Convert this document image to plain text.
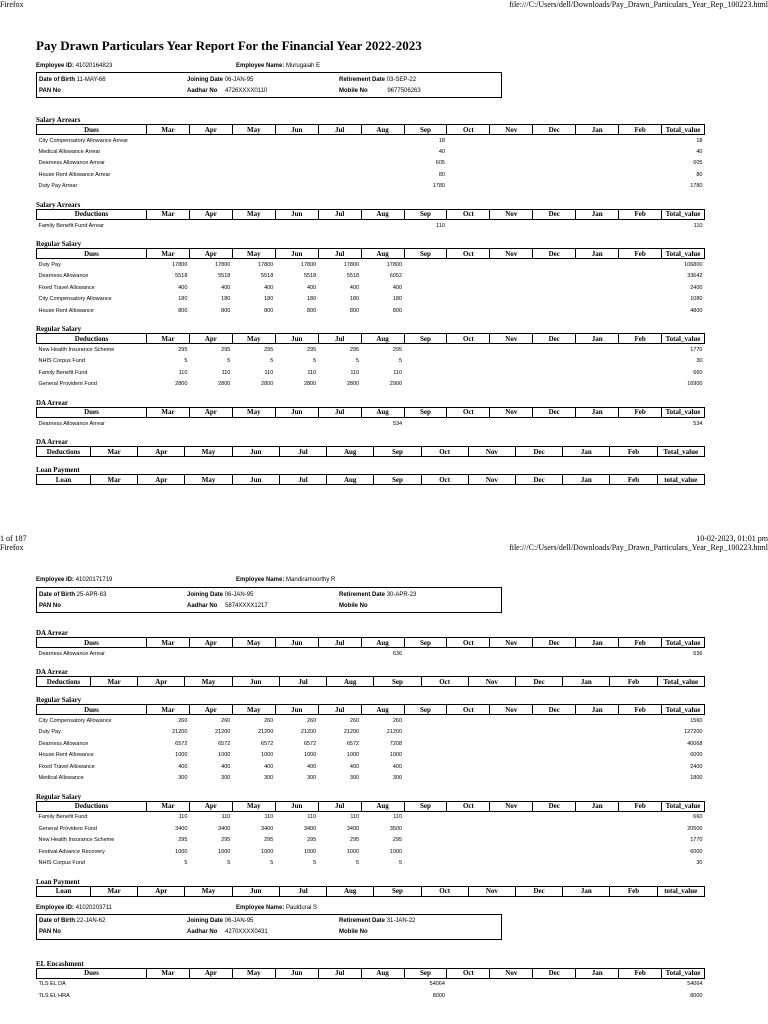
Firefox	file:///C:/Users/dell/Downloads/Pay_Drawn_Particulars_Year_Rep_100223.html
Pay Drawn Particulars Year Report For the Financial Year 2022-2023
Employee ID: 41020164823	Employee Name: Murugaiah E
Date of Birth 11-MAY-66	Joining Date 06-JAN-95	Retirement Date 03-SEP-22
PAN No	Aadhar No 4726XXXX0110	Mobile No	9677506263
Salary Arrears
Dues	Mar	Apr	May	Jun	Jul	Aug	Sep	Oct	Nov	Dec	Jan	Feb	Total_value
City Compensatory Allowance Arrear							18						18
Medical Allowance Arrear							40						40
Dearness Allowance Arrear							605						605
House Rent Allowance Arrear							80						80
Duty Pay Arrear							1780						1780
Salary Arrears
Deductions	Mar	Apr	May	Jun	Jul	Aug	Sep	Oct	Nov	Dec	Jan	Feb	Total_value
Family Benefit Fund Arrear							110						110
Regular Salary
Dues	Mar	Apr	May	Jun	Jul	Aug	Sep	Oct	Nov	Dec	Jan	Feb	Total_value
Duty Pay	17800	17800	17800	17800	17800	17800							106800
Dearness Allowance	5518	5518	5518	5518	5518	6052							33642
Fixed Travel Allowance	400	400	400	400	400	400							2400
City Compensatory Allowance	180	180	180	180	180	180							1080
House Rent Allowance	800	800	800	800	800	800							4800
Regular Salary
Deductions	Mar	Apr	May	Jun	Jul	Aug	Sep	Oct	Nov	Dec	Jan	Feb	Total_value
New Health Insurance Scheme	295	295	295	295	295	295							1770
NHIS Corpus Fund	5	5	5	5	5	5							30
Family Benefit Fund	110	110	110	110	110	110							660
General Provident Fund	2800	2800	2800	2800	2800	2900							16900
DA Arrear
Dues	Mar	Apr	May	Jun	Jul	Aug	Sep	Oct	Nov	Dec	Jan	Feb	Total_value
Dearness Allowance Arrear						534							534
DA Arrear
Deductions	Mar	Apr	May	Jun	Jul	Aug	Sep	Oct	Nov	Dec	Jan	Feb	Total_value
Loan Payment
Loan	Mar	Apr	May	Jun	Jul	Aug	Sep	Oct	Nov	Dec	Jan	Feb	total_value
1 of 187	10-02-2023, 01:01 pm
Firefox	file:///C:/Users/dell/Downloads/Pay_Drawn_Particulars_Year_Rep_100223.html
Employee ID: 41020171719	Employee Name: Mandiramoorthy R
Date of Birth 25-APR-63	Joining Date 06-JAN-95	Retirement Date 30-APR-23
PAN No	Aadhar No 5874XXXX1217	Mobile No
DA Arrear
Dues	Mar	Apr	May	Jun	Jul	Aug	Sep	Oct	Nov	Dec	Jan	Feb	Total_value
Dearness Allowance Arrear						636							636
DA Arrear
Deductions	Mar	Apr	May	Jun	Jul	Aug	Sep	Oct	Nov	Dec	Jan	Feb	Total_value
Regular Salary
Dues	Mar	Apr	May	Jun	Jul	Aug	Sep	Oct	Nov	Dec	Jan	Feb	Total_value
City Compensatory Allowance	260	260	260	260	260	260							1560
Duty Pay	21200	21200	21200	21200	21200	21200							127200
Dearness Allowance	6572	6572	6572	6572	6572	7208							40068
House Rent Allowance	1000	1000	1000	1000	1000	1000							6000
Fixed Travel Allowance	400	400	400	400	400	400							2400
Medical Allowance	300	300	300	300	300	300							1800
Regular Salary
Deductions	Mar	Apr	May	Jun	Jul	Aug	Sep	Oct	Nov	Dec	Jan	Feb	Total_value
Family Benefit Fund	110	110	110	110	110	110							660
General Provident Fund	3400	3400	3400	3400	3400	3500							20500
New Health Insurance Scheme	295	295	295	295	295	295							1770
Festival Advance Recovery	1000	1000	1000	1000	1000	1000							6000
NHIS Corpus Fund	5	5	5	5	5	5							30
Loan Payment
Loan	Mar	Apr	May	Jun	Jul	Aug	Sep	Oct	Nov	Dec	Jan	Feb	total_value
Employee ID: 41020203711	Employee Name: Pauldurai S
Date of Birth 22-JAN-62	Joining Date 06-JAN-95	Retirement Date 31-JAN-22
PAN No	Aadhar No 4270XXXX0431	Mobile No
EL Encashment
Dues	Mar	Apr	May	Jun	Jul	Aug	Sep	Oct	Nov	Dec	Jan	Feb	Total_value
TLS EL DA							54064						54064
TLS EL HRA							8000						8000
